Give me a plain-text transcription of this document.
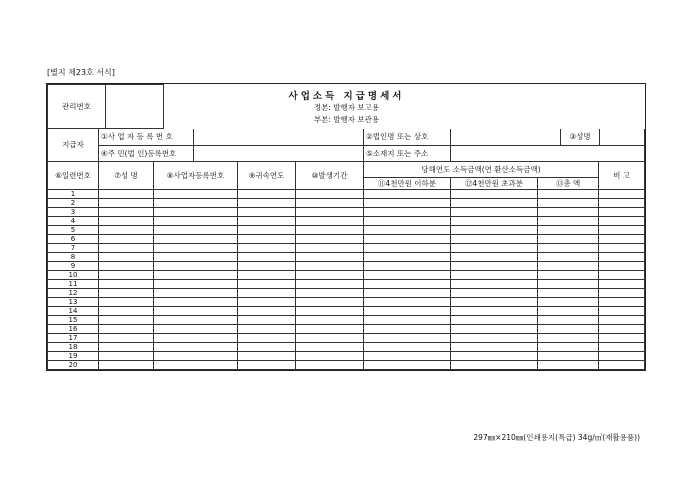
[별지 제23호 서식]
관리번호		
사업소득 지급명세서
정본: 발행자 보고용
부본: 발행자 보관용

지급자	①사 업 자 등 록 번 호		②법인명 또는 상호		③성명	
	④주 민(법 인)등록번호		⑤소재지 또는 주소			
⑥일련번호	⑦성 명	⑧사업자등록번호	⑨귀속연도	⑩발생기간	당해연도 소득금액(연 환산소득금액)			비 고
					⑪4천만원 이하분	⑫4천만원 초과분	⑬총 액	
1								
2								
3								
4								
5								
6								
7								
8								
9								
10								
11								
12								
13								
14								
15								
16								
17								
18								
19								
20								
297㎜×210㎜(인쇄용지(특급) 34g/㎡(재활용품))
